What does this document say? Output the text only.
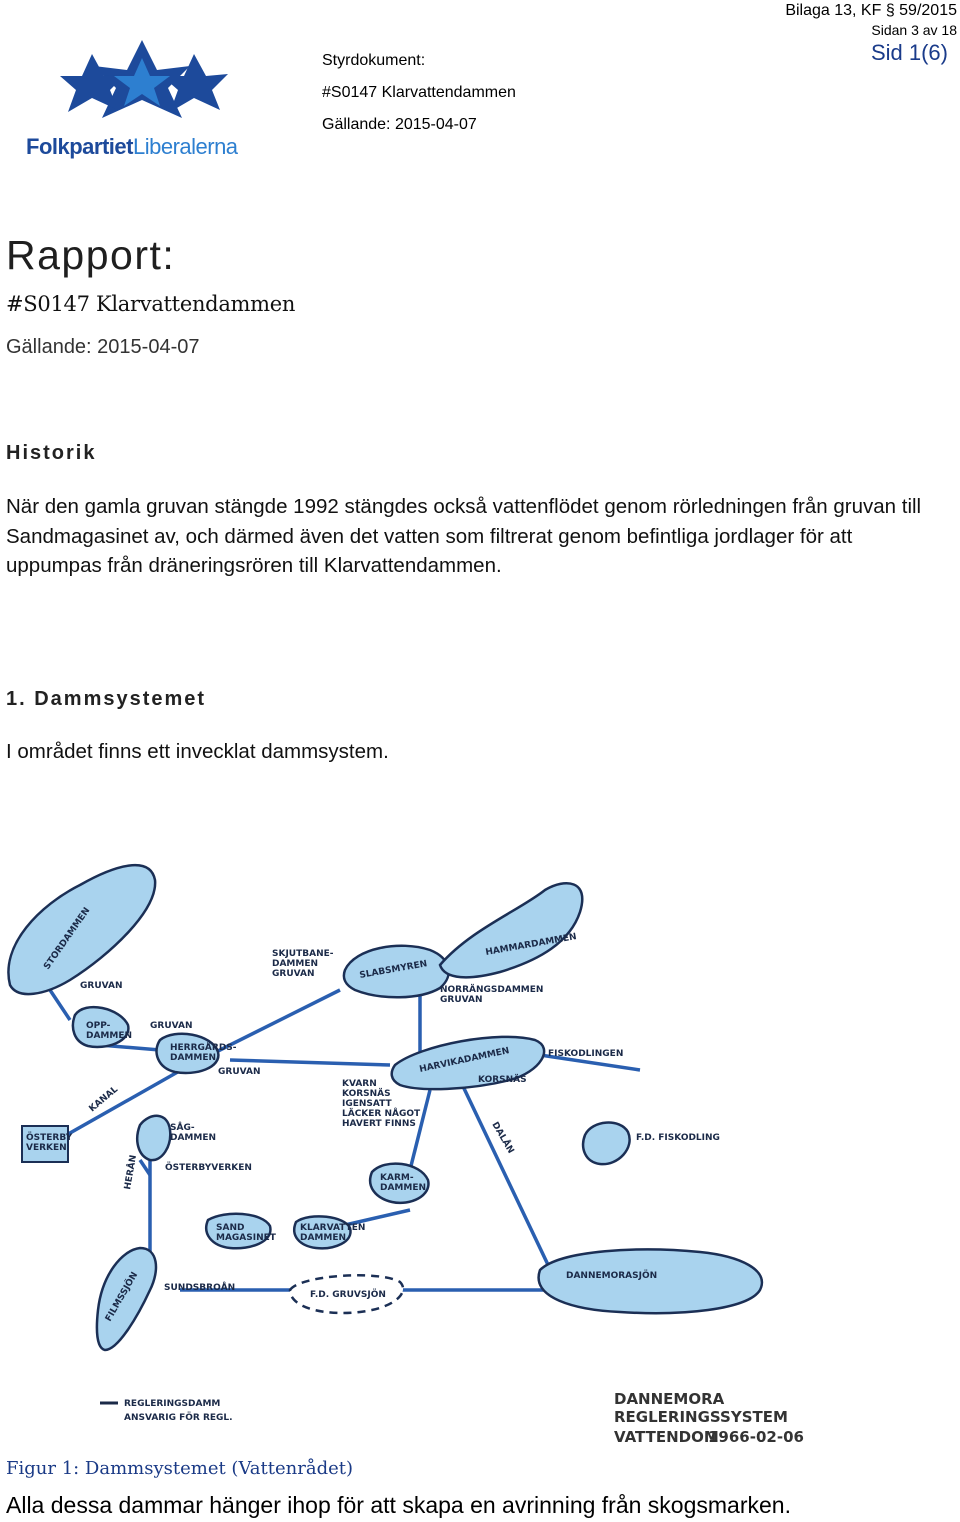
FolkpartietLiberalerna
Styrdokument:
#S0147 Klarvattendammen
Gällande: 2015-04-07
Bilaga 13, KF § 59/2015
Sidan 3 av 18
Sid 1(6)
Rapport:
#S0147 Klarvattendammen
Gällande: 2015-04-07
Historik
När den gamla gruvan stängde 1992 stängdes också vattenflödet genom rörledningen från gruvan till Sandmagasinet av, och därmed även det vatten som filtrerat genom befintliga jordlager för att uppumpas från dräneringsrören till Klarvattendammen.
1. Dammsystemet
I området finns ett invecklat dammsystem.
STORDAMMEN
GRUVAN
OPP-DAMMEN
GRUVAN
HERRGÅRDS-DAMMEN
GRUVAN
KANAL
ÖSTERBY VERKEN
SÅG-DAMMEN
ÖSTERBYVERKEN
SKJUTBANE-DAMMEN GRUVAN	SLABSMYREN
HAMMARDAMMEN
NORRÄNGSDAMMEN GRUVAN
HARVIKADAMMEN
KORSNÄS
FISKODLINGEN
KVARN KORSNÄS IGENSATT LÄCKER NÅGOT HAVERT FINNS	DALÅN	F.D. FISKODLING
KARM-DAMMEN
SAND MAGASINET
KLARVATTEN DAMMEN
HERÅN
FILMSSJÖN	SUNDSBROÅN
F.D. GRUVSJÖN
DANNEMORASJÖN
REGLERINGSDAMM
ANSVARIG FÖR REGL.
DANNEMORA
REGLERINGSSYSTEM
VATTENDOM
1966-02-06
Figur 1: Dammsystemet (Vattenrådet)
Alla dessa dammar hänger ihop för att skapa en avrinning från skogsmarken.
